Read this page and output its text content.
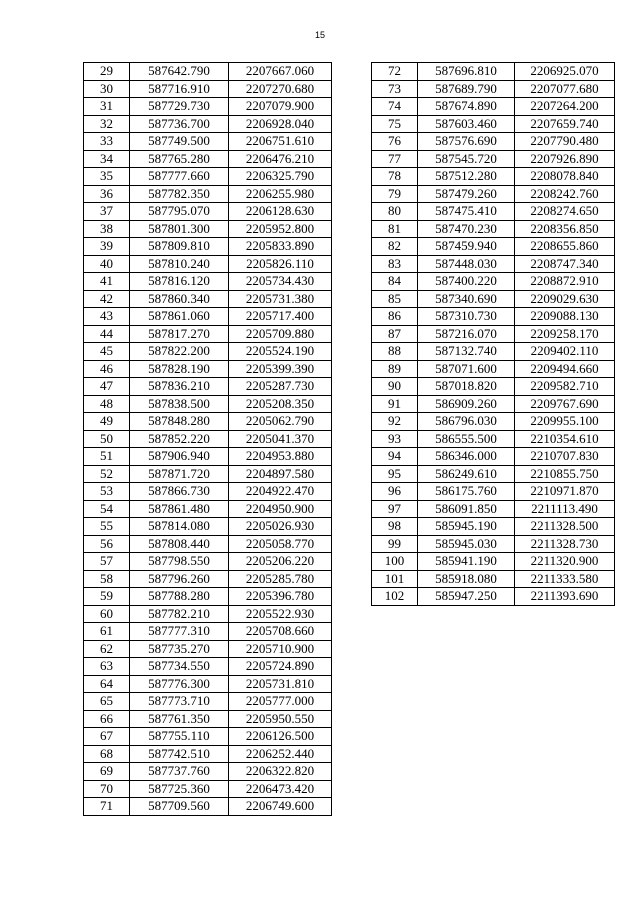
15
29	587642.790	2207667.060
30	587716.910	2207270.680
31	587729.730	2207079.900
32	587736.700	2206928.040
33	587749.500	2206751.610
34	587765.280	2206476.210
35	587777.660	2206325.790
36	587782.350	2206255.980
37	587795.070	2206128.630
38	587801.300	2205952.800
39	587809.810	2205833.890
40	587810.240	2205826.110
41	587816.120	2205734.430
42	587860.340	2205731.380
43	587861.060	2205717.400
44	587817.270	2205709.880
45	587822.200	2205524.190
46	587828.190	2205399.390
47	587836.210	2205287.730
48	587838.500	2205208.350
49	587848.280	2205062.790
50	587852.220	2205041.370
51	587906.940	2204953.880
52	587871.720	2204897.580
53	587866.730	2204922.470
54	587861.480	2204950.900
55	587814.080	2205026.930
56	587808.440	2205058.770
57	587798.550	2205206.220
58	587796.260	2205285.780
59	587788.280	2205396.780
60	587782.210	2205522.930
61	587777.310	2205708.660
62	587735.270	2205710.900
63	587734.550	2205724.890
64	587776.300	2205731.810
65	587773.710	2205777.000
66	587761.350	2205950.550
67	587755.110	2206126.500
68	587742.510	2206252.440
69	587737.760	2206322.820
70	587725.360	2206473.420
71	587709.560	2206749.600
72	587696.810	2206925.070
73	587689.790	2207077.680
74	587674.890	2207264.200
75	587603.460	2207659.740
76	587576.690	2207790.480
77	587545.720	2207926.890
78	587512.280	2208078.840
79	587479.260	2208242.760
80	587475.410	2208274.650
81	587470.230	2208356.850
82	587459.940	2208655.860
83	587448.030	2208747.340
84	587400.220	2208872.910
85	587340.690	2209029.630
86	587310.730	2209088.130
87	587216.070	2209258.170
88	587132.740	2209402.110
89	587071.600	2209494.660
90	587018.820	2209582.710
91	586909.260	2209767.690
92	586796.030	2209955.100
93	586555.500	2210354.610
94	586346.000	2210707.830
95	586249.610	2210855.750
96	586175.760	2210971.870
97	586091.850	2211113.490
98	585945.190	2211328.500
99	585945.030	2211328.730
100	585941.190	2211320.900
101	585918.080	2211333.580
102	585947.250	2211393.690
